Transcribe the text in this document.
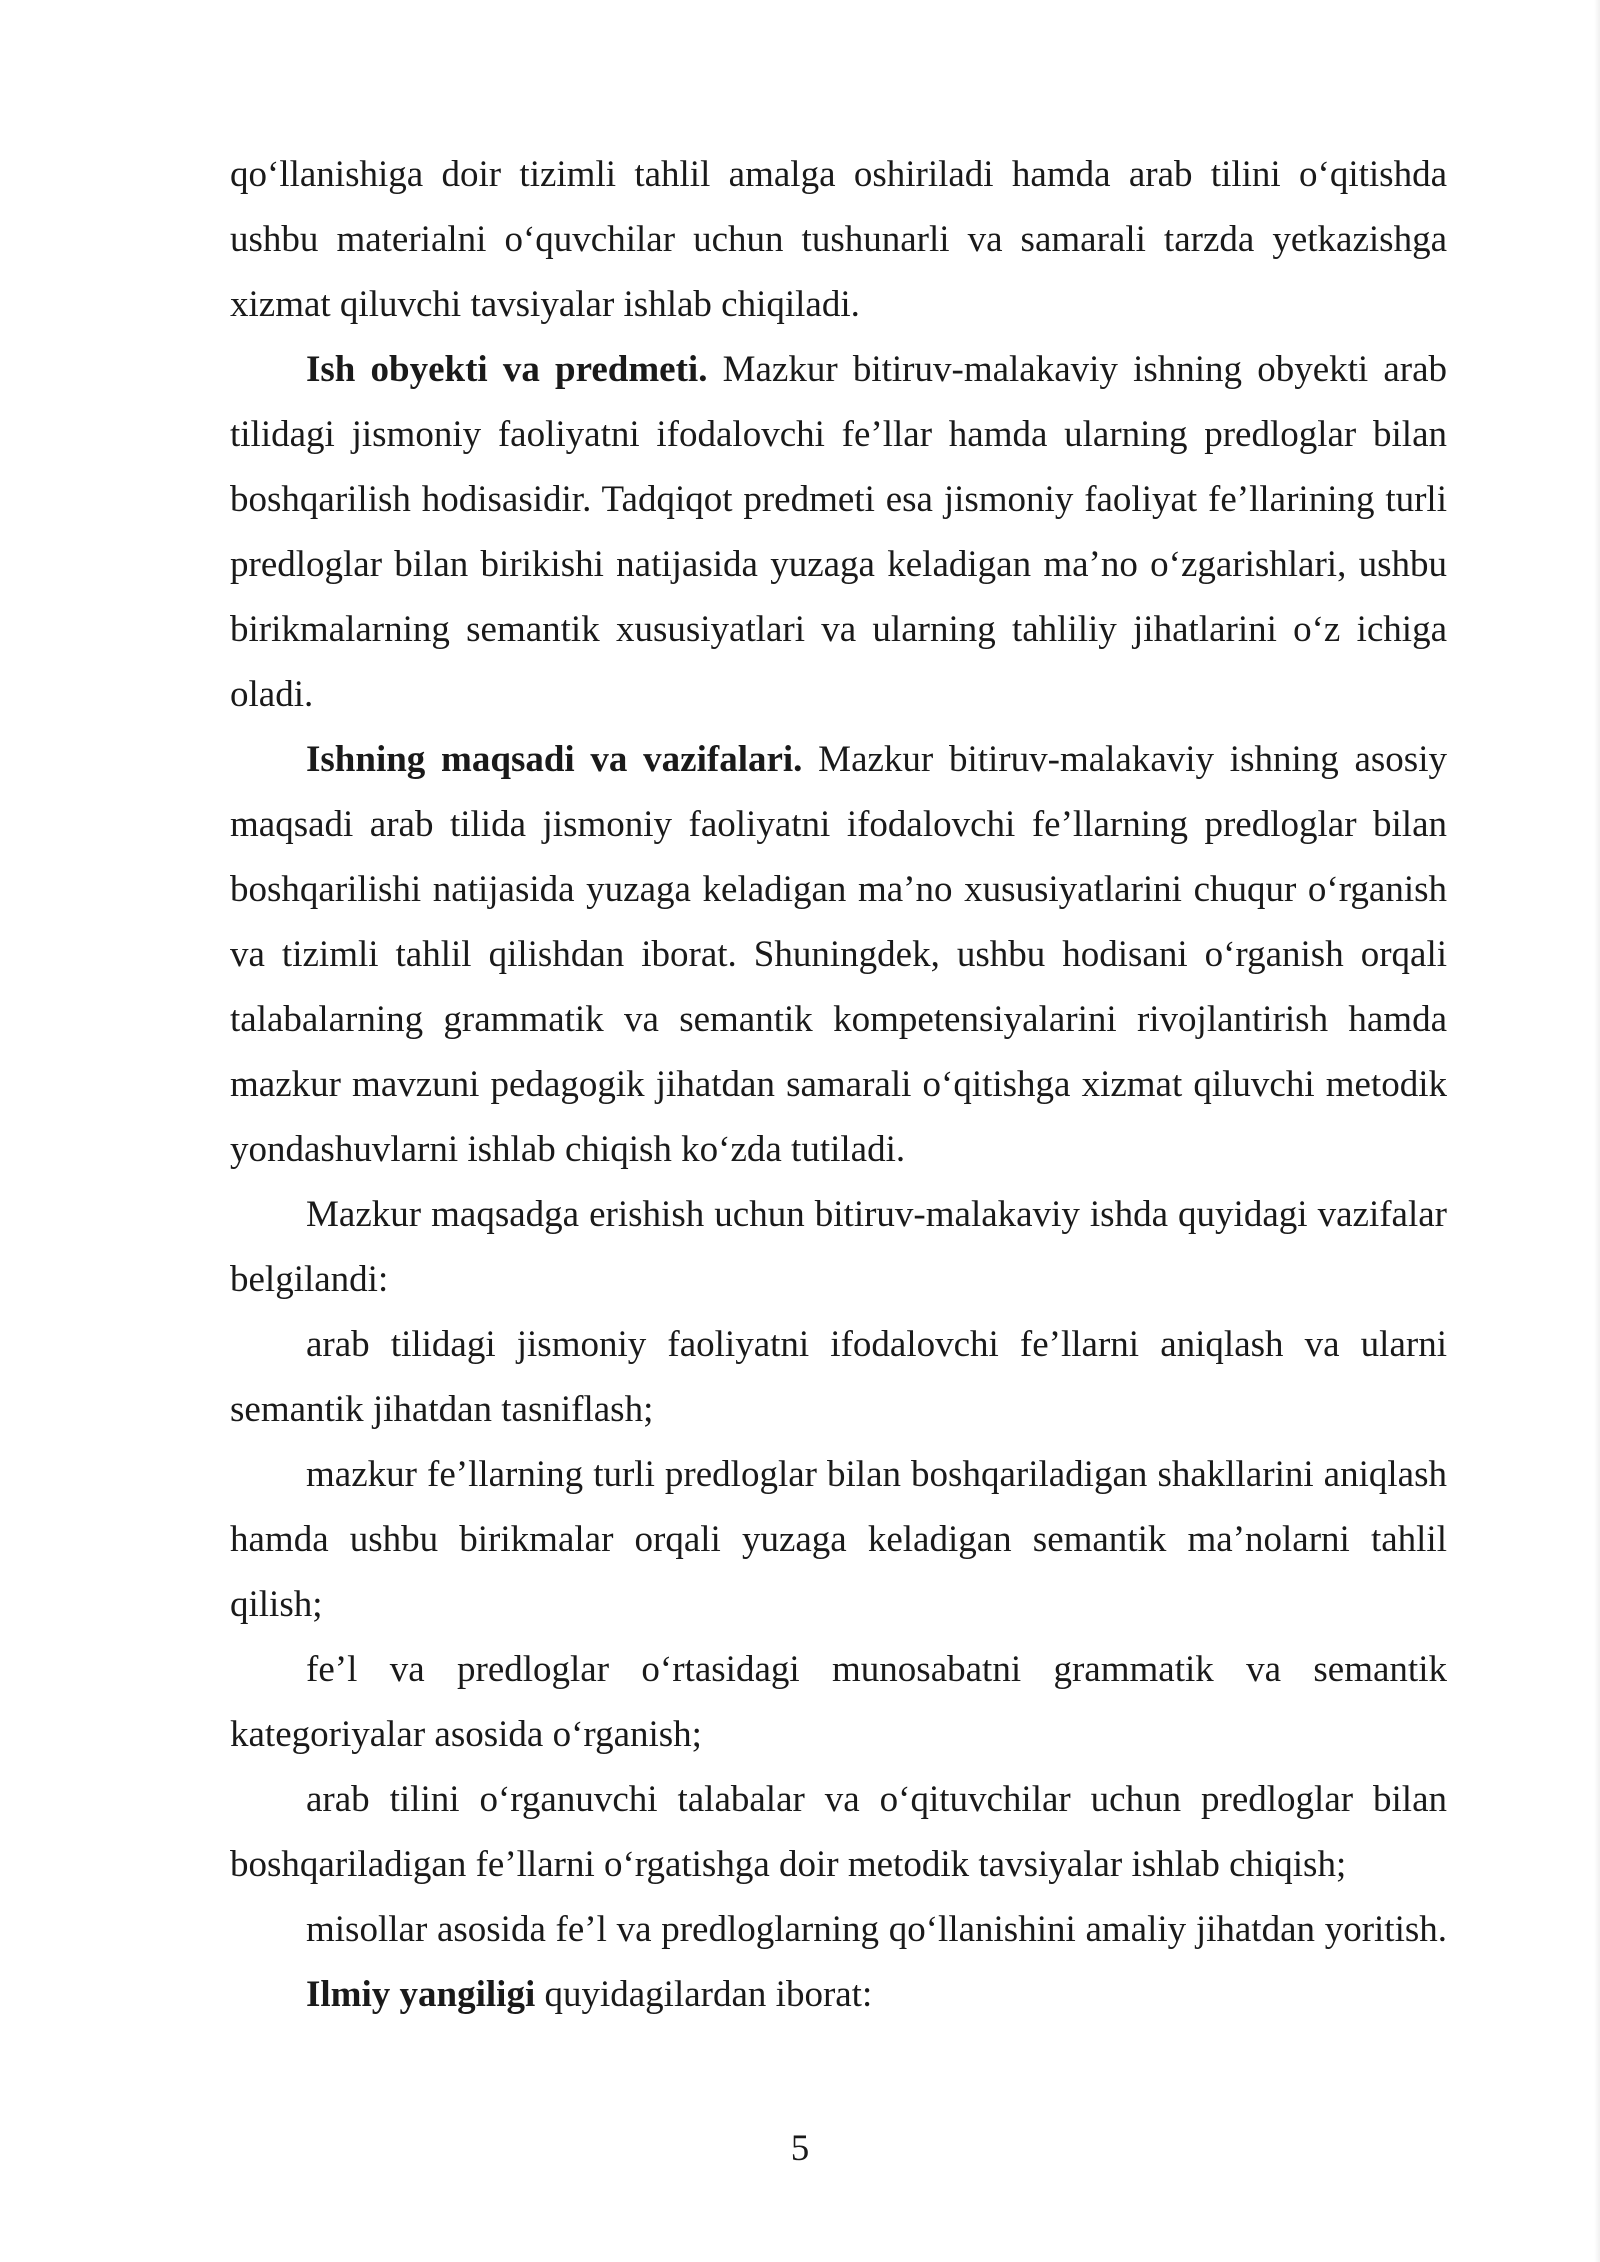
qo‘llanishiga doir tizimli tahlil amalga oshiriladi hamda arab tilini o‘qitishda ushbu materialni o‘quvchilar uchun tushunarli va samarali tarzda yetkazishga xizmat qiluvchi tavsiyalar ishlab chiqiladi.

Ish obyekti va predmeti. Mazkur bitiruv-malakaviy ishning obyekti arab tilidagi jismoniy faoliyatni ifodalovchi fe’llar hamda ularning predloglar bilan boshqarilish hodisasidir. Tadqiqot predmeti esa jismoniy faoliyat fe’llarining turli predloglar bilan birikishi natijasida yuzaga keladigan ma’no o‘zgarishlari, ushbu birikmalarning semantik xususiyatlari va ularning tahliliy jihatlarini o‘z ichiga oladi.

Ishning maqsadi va vazifalari. Mazkur bitiruv-malakaviy ishning asosiy maqsadi arab tilida jismoniy faoliyatni ifodalovchi fe’llarning predloglar bilan boshqarilishi natijasida yuzaga keladigan ma’no xususiyatlarini chuqur o‘rganish va tizimli tahlil qilishdan iborat. Shuningdek, ushbu hodisani o‘rganish orqali talabalarning grammatik va semantik kompetensiyalarini rivojlantirish hamda mazkur mavzuni pedagogik jihatdan samarali o‘qitishga xizmat qiluvchi metodik yondashuvlarni ishlab chiqish ko‘zda tutiladi.

Mazkur maqsadga erishish uchun bitiruv-malakaviy ishda quyidagi vazifalar belgilandi:

arab tilidagi jismoniy faoliyatni ifodalovchi fe’llarni aniqlash va ularni semantik jihatdan tasniflash;

mazkur fe’llarning turli predloglar bilan boshqariladigan shakllarini aniqlash hamda ushbu birikmalar orqali yuzaga keladigan semantik ma’nolarni tahlil qilish;

fe’l va predloglar o‘rtasidagi munosabatni grammatik va semantik kategoriyalar asosida o‘rganish;

arab tilini o‘rganuvchi talabalar va o‘qituvchilar uchun predloglar bilan boshqariladigan fe’llarni o‘rgatishga doir metodik tavsiyalar ishlab chiqish;

misollar asosida fe’l va predloglarning qo‘llanishini amaliy jihatdan yoritish.

Ilmiy yangiligi quyidagilardan iborat:

5
